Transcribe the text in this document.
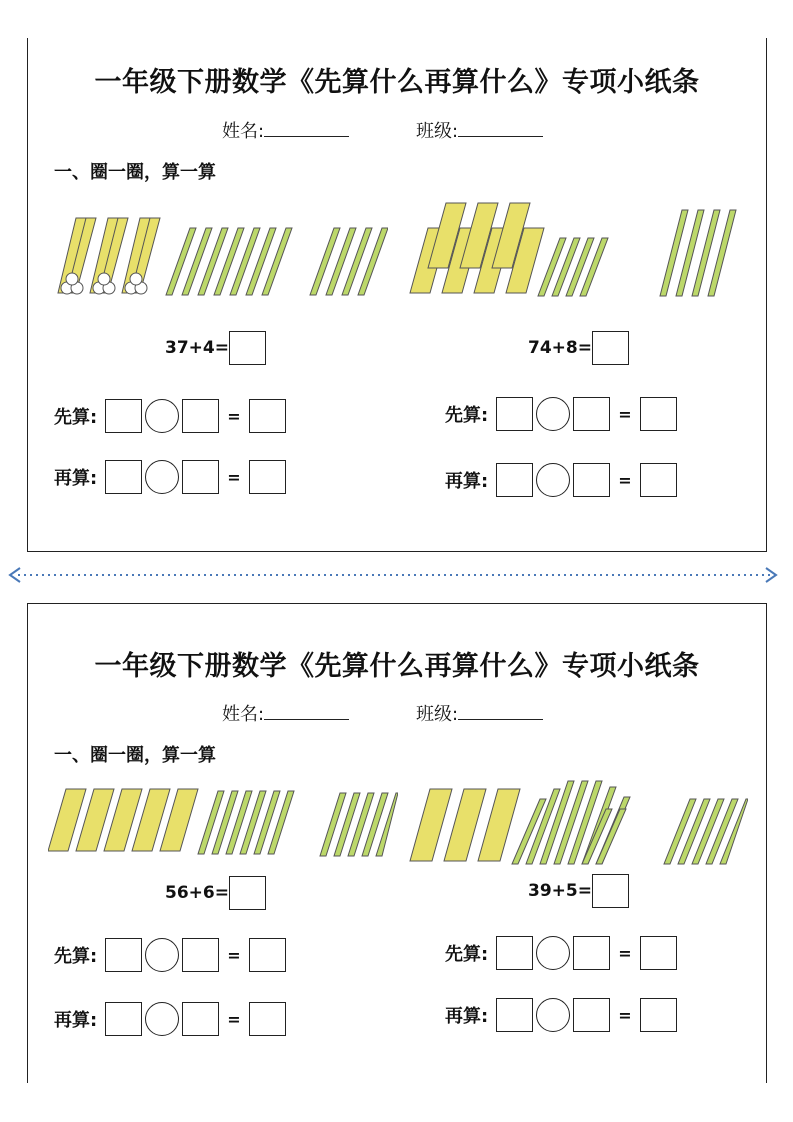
一年级下册数学《先算什么再算什么》专项小纸条
姓名:	班级:
一、圈一圈，算一算
37+4=	74+8=
先算:	=	先算:	=
再算:	=	再算:	=
一年级下册数学《先算什么再算什么》专项小纸条
姓名:	班级:
一、圈一圈，算一算
56+6=	39+5=
先算:	=	先算:	=
再算:	=	再算:	=
